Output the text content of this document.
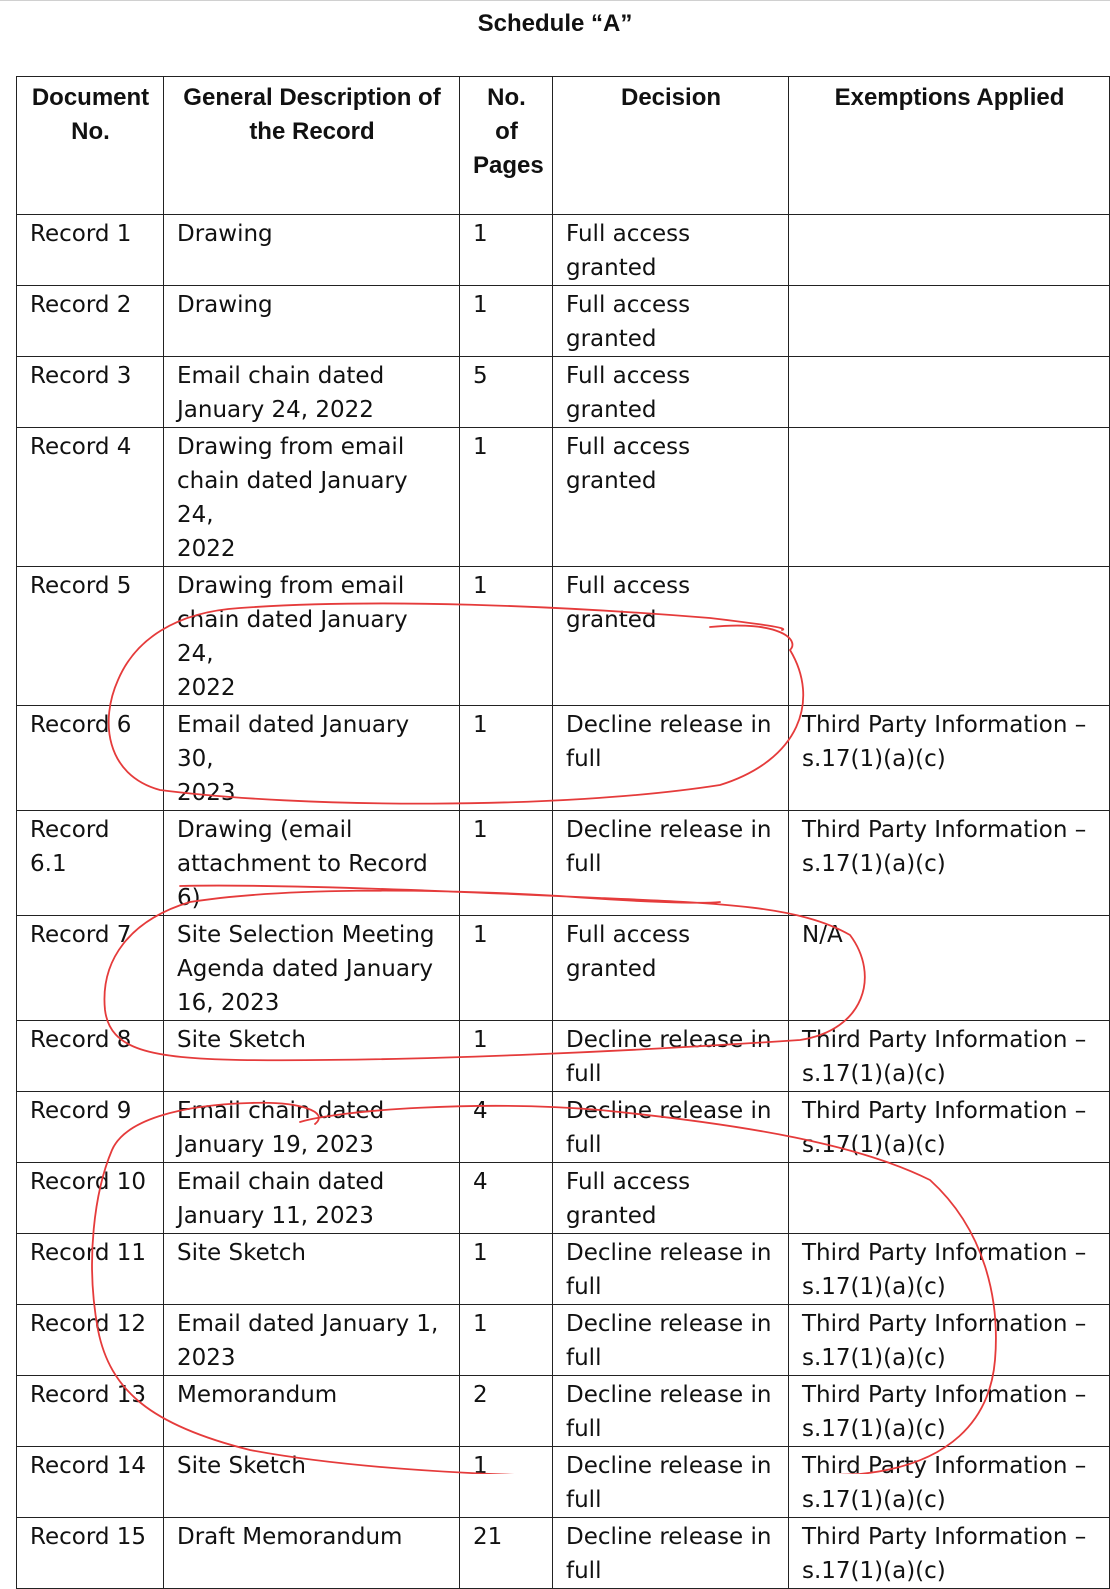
Schedule “A”
Document
No.	General Description of
the Record	No.
of
Pages	Decision	Exemptions Applied
Record 1	Drawing	1	Full access
granted	
Record 2	Drawing	1	Full access
granted	
Record 3	Email chain dated
January 24, 2022	5	Full access
granted	
Record 4	Drawing from email
chain dated January 24,
2022	1	Full access
granted	
Record 5	Drawing from email
chain dated January 24,
2022	1	Full access
granted	
Record 6	Email dated January 30,
2023	1	Decline release in
full	Third Party Information –
s.17(1)(a)(c)
Record
6.1	Drawing (email
attachment to Record
6)	1	Decline release in
full	Third Party Information –
s.17(1)(a)(c)
Record 7	Site Selection Meeting
Agenda dated January
16, 2023	1	Full access
granted	N/A
Record 8	Site Sketch	1	Decline release in
full	Third Party Information –
s.17(1)(a)(c)
Record 9	Email chain dated
January 19, 2023	4	Decline release in
full	Third Party Information –
s.17(1)(a)(c)
Record 10	Email chain dated
January 11, 2023	4	Full access
granted	
Record 11	Site Sketch	1	Decline release in
full	Third Party Information –
s.17(1)(a)(c)
Record 12	Email dated January 1,
2023	1	Decline release in
full	Third Party Information –
s.17(1)(a)(c)
Record 13	Memorandum	2	Decline release in
full	Third Party Information –
s.17(1)(a)(c)
Record 14	Site Sketch	1	Decline release in
full	Third Party Information –
s.17(1)(a)(c)
Record 15	Draft Memorandum	21	Decline release in
full	Third Party Information –
s.17(1)(a)(c)
